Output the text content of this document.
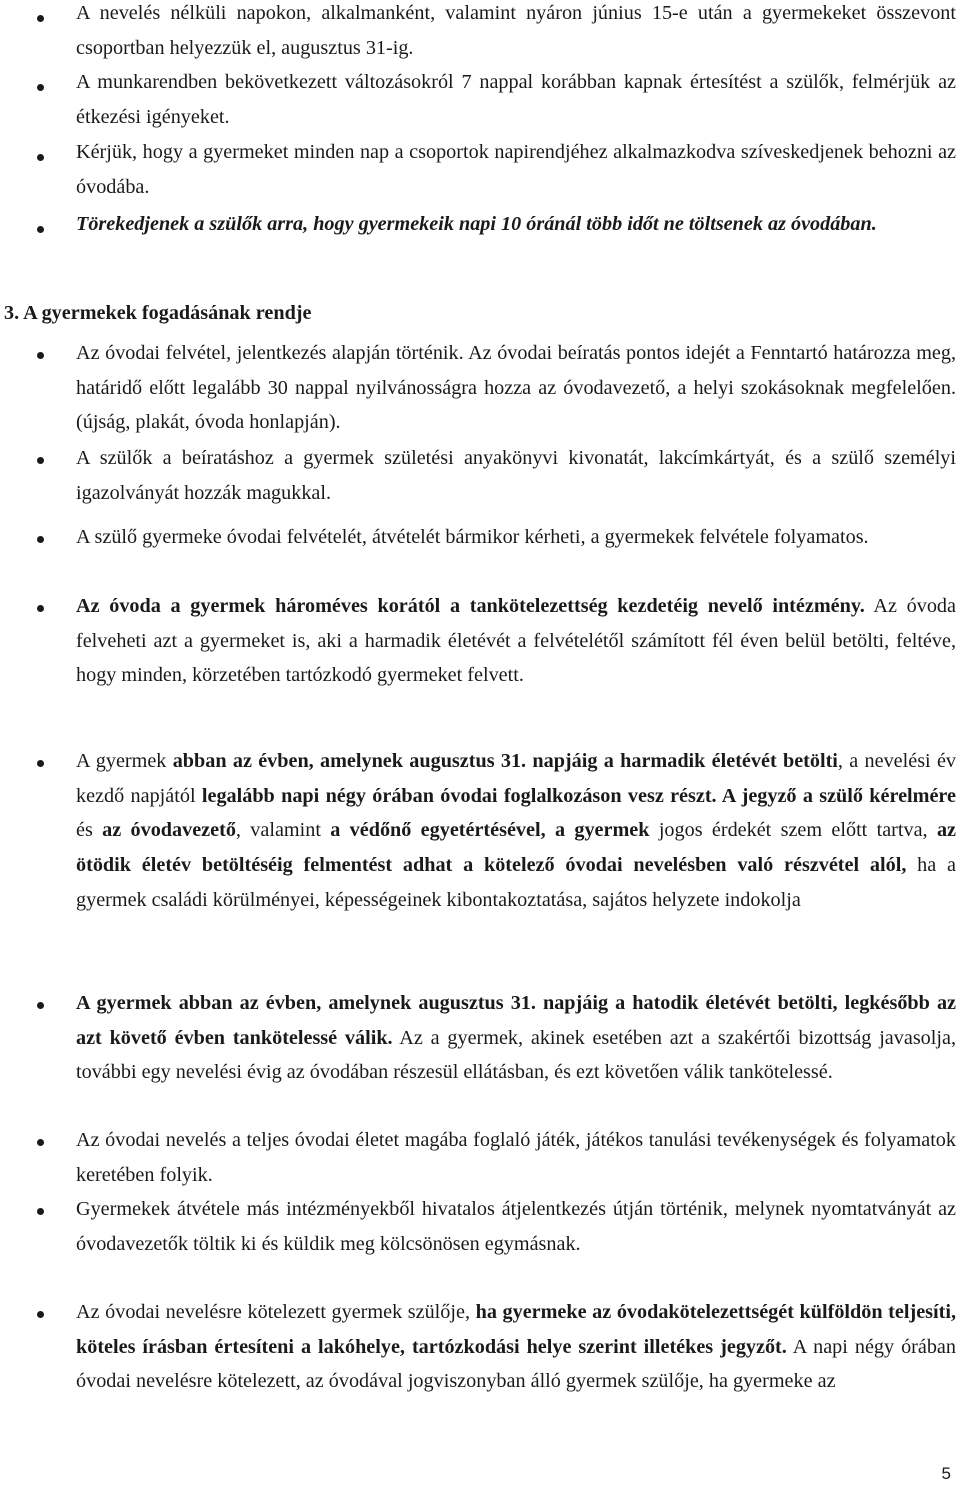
A nevelés nélküli napokon, alkalmanként, valamint nyáron június 15-e után a gyermekeket összevont csoportban helyezzük el, augusztus 31-ig.
A munkarendben bekövetkezett változásokról 7 nappal korábban kapnak értesítést a szülők, felmérjük az étkezési igényeket.
Kérjük, hogy a gyermeket minden nap a csoportok napirendjéhez alkalmazkodva szíveskedjenek behozni az óvodába.
Törekedjenek a szülők arra, hogy gyermekeik napi 10 óránál több időt ne töltsenek az óvodában.
3. A gyermekek fogadásának rendje
Az óvodai felvétel, jelentkezés alapján történik. Az óvodai beíratás pontos idejét a Fenntartó határozza meg, határidő előtt legalább 30 nappal nyilvánosságra hozza az óvodavezető, a helyi szokásoknak megfelelően. (újság, plakát, óvoda honlapján).
A szülők a beíratáshoz a gyermek születési anyakönyvi kivonatát, lakcímkártyát, és a szülő személyi igazolványát hozzák magukkal.
A szülő gyermeke óvodai felvételét, átvételét bármikor kérheti, a gyermekek felvétele folyamatos.
Az óvoda a gyermek hároméves korától a tankötelezettség kezdetéig nevelő intézmény. Az óvoda felveheti azt a gyermeket is, aki a harmadik életévét a felvételétől számított fél éven belül betölti, feltéve, hogy minden, körzetében tartózkodó gyermeket felvett.
A gyermek abban az évben, amelynek augusztus 31. napjáig a harmadik életévét betölti, a nevelési év kezdő napjától legalább napi négy órában óvodai foglalkozáson vesz részt. A jegyző a szülő kérelmére és az óvodavezető, valamint a védőnő egyetértésével, a gyermek jogos érdekét szem előtt tartva, az ötödik életév betöltéséig felmentést adhat a kötelező óvodai nevelésben való részvétel alól, ha a gyermek családi körülményei, képességeinek kibontakoztatása, sajátos helyzete indokolja
A gyermek abban az évben, amelynek augusztus 31. napjáig a hatodik életévét betölti, legkésőbb az azt követő évben tankötelessé válik. Az a gyermek, akinek esetében azt a szakértői bizottság javasolja, további egy nevelési évig az óvodában részesül ellátásban, és ezt követően válik tankötelessé.
Az óvodai nevelés a teljes óvodai életet magába foglaló játék, játékos tanulási tevékenységek és folyamatok keretében folyik.
Gyermekek átvétele más intézményekből hivatalos átjelentkezés útján történik, melynek nyomtatványát az óvodavezetők töltik ki és küldik meg kölcsönösen egymásnak.
Az óvodai nevelésre kötelezett gyermek szülője, ha gyermeke az óvodakötelezettségét külföldön teljesíti, köteles írásban értesíteni a lakóhelye, tartózkodási helye szerint illetékes jegyzőt. A napi négy órában óvodai nevelésre kötelezett, az óvodával jogviszonyban álló gyermek szülője, ha gyermeke az
5
